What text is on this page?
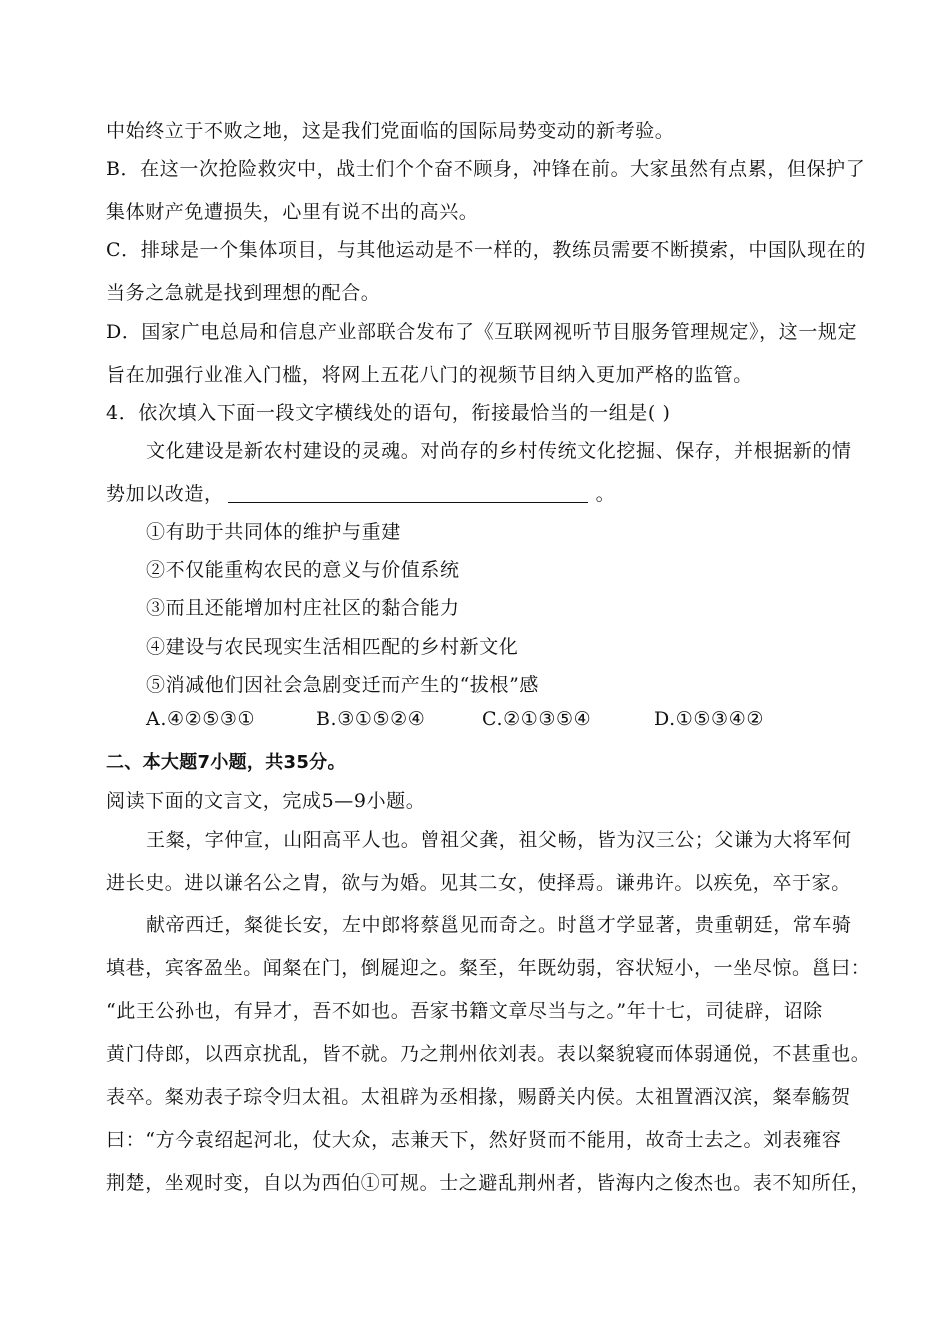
中始终立于不败之地，这是我们党面临的国际局势变动的新考验。
B．在这一次抢险救灾中，战士们个个奋不顾身，冲锋在前。大家虽然有点累，但保护了
集体财产免遭损失，心里有说不出的高兴。
C．排球是一个集体项目，与其他运动是不一样的，教练员需要不断摸索，中国队现在的
当务之急就是找到理想的配合。
D．国家广电总局和信息产业部联合发布了《互联网视听节目服务管理规定》，这一规定
旨在加强行业准入门槛，将网上五花八门的视频节目纳入更加严格的监管。
4．依次填入下面一段文字横线处的语句，衔接最恰当的一组是( )
文化建设是新农村建设的灵魂。对尚存的乡村传统文化挖掘、保存，并根据新的情
势加以改造，	。
①有助于共同体的维护与重建
②不仅能重构农民的意义与价值系统
③而且还能增加村庄社区的黏合能力
④建设与农民现实生活相匹配的乡村新文化
⑤消减他们因社会急剧变迁而产生的“拔根”感
A.④②⑤③①	B.③①⑤②④	C.②①③⑤④	D.①⑤③④②
二、本大题7小题，共35分。
阅读下面的文言文，完成5—9小题。
王粲，字仲宣，山阳高平人也。曾祖父龚，祖父畅，皆为汉三公；父谦为大将军何
进长史。进以谦名公之胄，欲与为婚。见其二女，使择焉。谦弗许。以疾免，卒于家。
献帝西迁，粲徙长安，左中郎将蔡邕见而奇之。时邕才学显著，贵重朝廷，常车骑
填巷，宾客盈坐。闻粲在门，倒屣迎之。粲至，年既幼弱，容状短小，一坐尽惊。邕曰：
“此王公孙也，有异才，吾不如也。吾家书籍文章尽当与之。”年十七，司徒辟，诏除
黄门侍郎，以西京扰乱，皆不就。乃之荆州依刘表。表以粲貌寝而体弱通侻，不甚重也。
表卒。粲劝表子琮令归太祖。太祖辟为丞相掾，赐爵关内侯。太祖置酒汉滨，粲奉觞贺
曰：“方今袁绍起河北，仗大众，志兼天下，然好贤而不能用，故奇士去之。刘表雍容
荆楚，坐观时变，自以为西伯①可规。士之避乱荆州者，皆海内之俊杰也。表不知所任，
